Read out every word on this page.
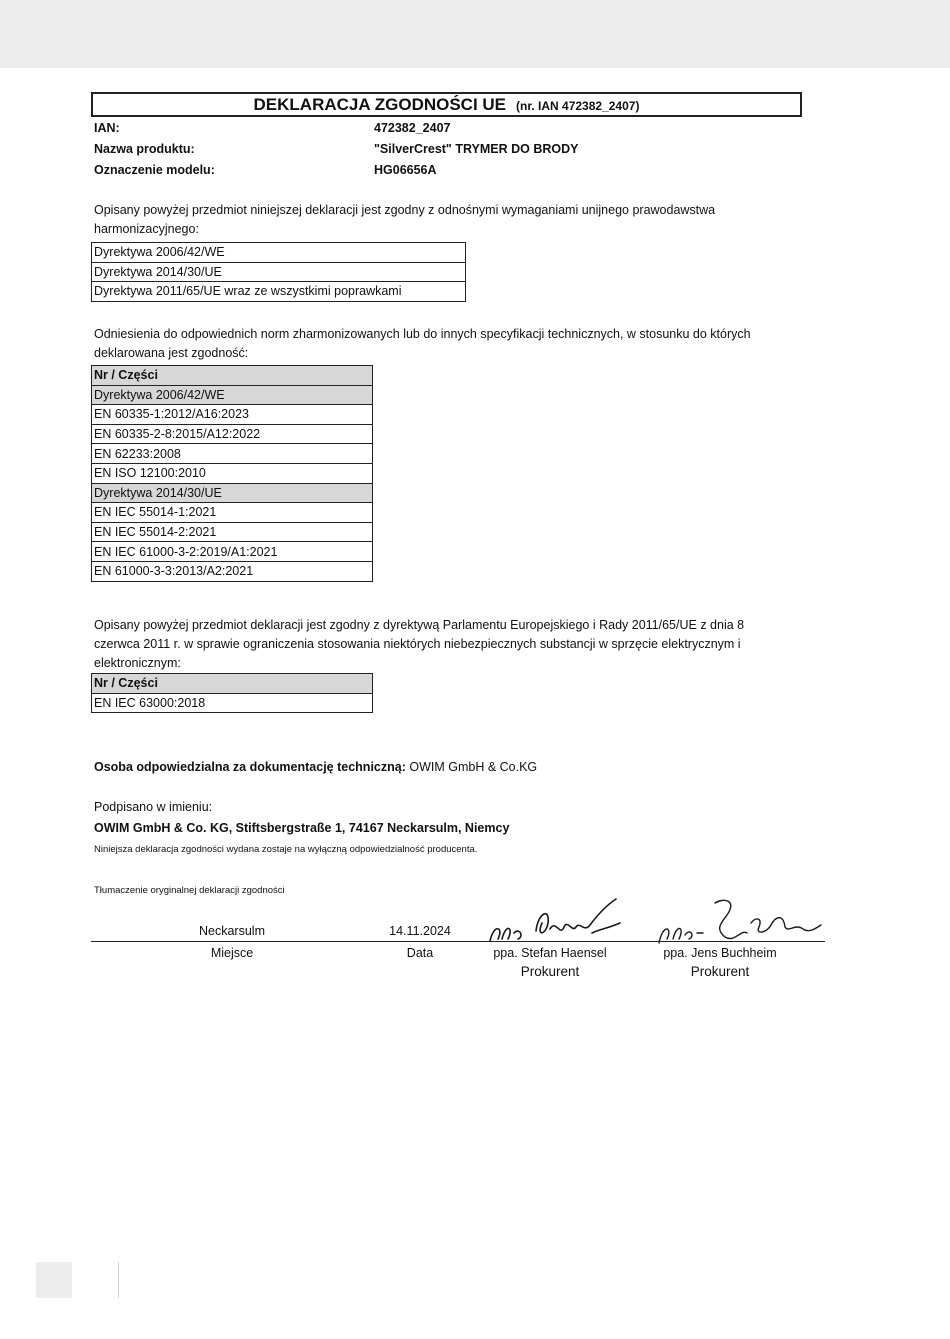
DEKLARACJA ZGODNOŚCI UE (nr. IAN 472382_2407)
IAN:	472382_2407
Nazwa produktu:	"SilverCrest" TRYMER DO BRODY
Oznaczenie modelu:	HG06656A
Opisany powyżej przedmiot niniejszej deklaracji jest zgodny z odnośnymi wymaganiami unijnego prawodawstwa
harmonizacyjnego:
Dyrektywa 2006/42/WE
Dyrektywa 2014/30/UE
Dyrektywa 2011/65/UE wraz ze wszystkimi poprawkami
Odniesienia do odpowiednich norm zharmonizowanych lub do innych specyfikacji technicznych, w stosunku do których
deklarowana jest zgodność:
Nr / Części
Dyrektywa 2006/42/WE
EN 60335-1:2012/A16:2023
EN 60335-2-8:2015/A12:2022
EN 62233:2008
EN ISO 12100:2010
Dyrektywa 2014/30/UE
EN IEC 55014-1:2021
EN IEC 55014-2:2021
EN IEC 61000-3-2:2019/A1:2021
EN 61000-3-3:2013/A2:2021
Opisany powyżej przedmiot deklaracji jest zgodny z dyrektywą Parlamentu Europejskiego i Rady 2011/65/UE z dnia 8
czerwca 2011 r. w sprawie ograniczenia stosowania niektórych niebezpiecznych substancji w sprzęcie elektrycznym i
elektronicznym:
Nr / Części
EN IEC 63000:2018
Osoba odpowiedzialna za dokumentację techniczną: OWIM GmbH & Co.KG
Podpisano w imieniu:
OWIM GmbH & Co. KG, Stiftsbergstraße 1, 74167 Neckarsulm, Niemcy
Niniejsza deklaracja zgodności wydana zostaje na wyłączną odpowiedzialność producenta.
Tłumaczenie oryginalnej deklaracji zgodności
Neckarsulm	14.11.2024
Miejsce	Data	ppa. Stefan Haensel	ppa. Jens Buchheim
Prokurent	Prokurent
